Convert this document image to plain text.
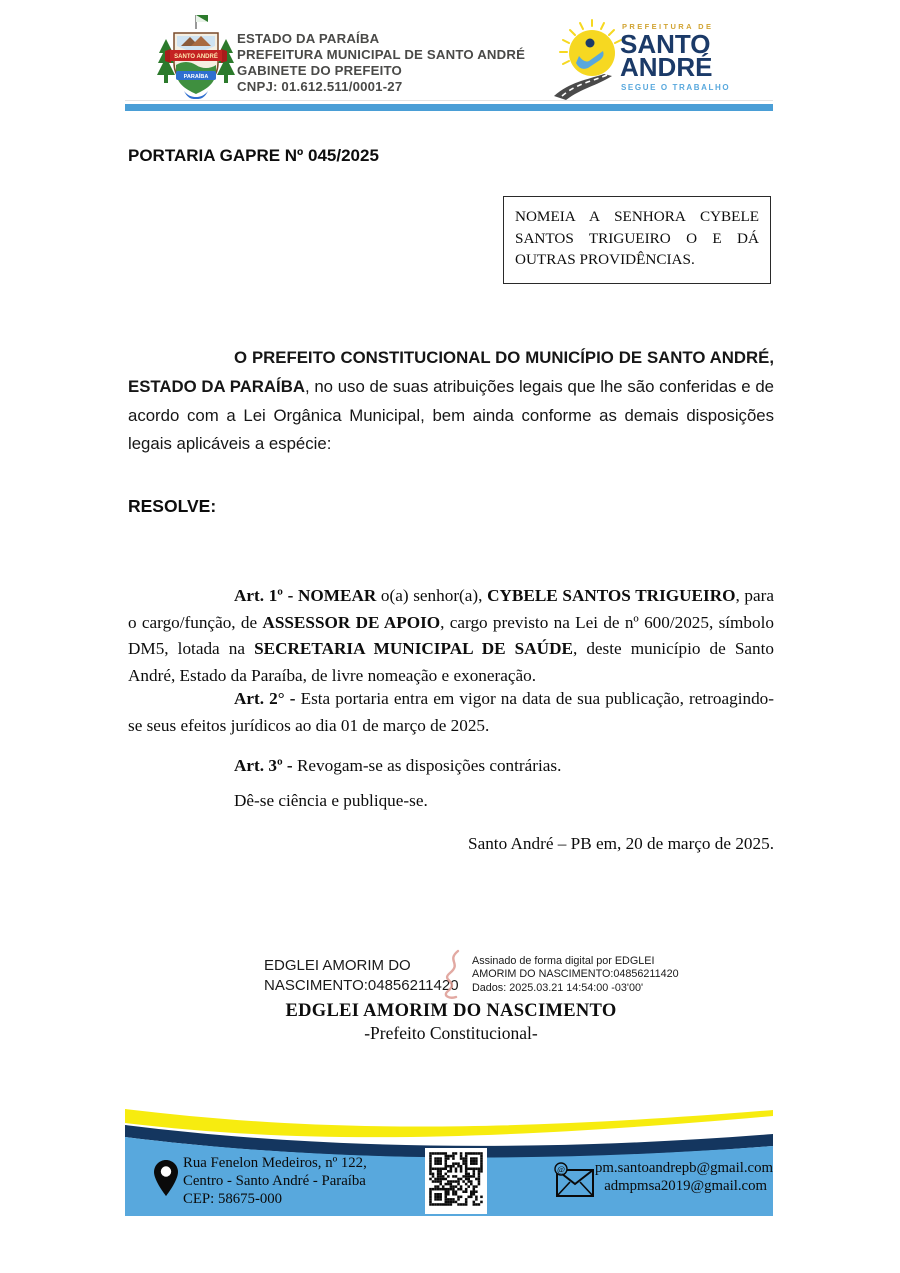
SANTO ANDRÉ
PARAÍBA
ESTADO DA PARAÍBA
PREFEITURA MUNICIPAL DE SANTO ANDRÉ
GABINETE DO PREFEITO
CNPJ: 01.612.511/0001-27
PREFEITURA DE
SANTO
ANDRÉ
SEGUE O TRABALHO
PORTARIA GAPRE Nº 045/2025
NOMEIA A SENHORA CYBELE SANTOS TRIGUEIRO O E DÁ OUTRAS PROVIDÊNCIAS.

O PREFEITO CONSTITUCIONAL DO MUNICÍPIO DE SANTO ANDRÉ, ESTADO DA PARAÍBA, no uso de suas atribuições legais que lhe são conferidas e de acordo com a Lei Orgânica Municipal, bem ainda conforme as demais disposições legais aplicáveis a espécie:

RESOLVE:

Art. 1º - NOMEAR o(a) senhor(a), CYBELE SANTOS TRIGUEIRO, para o cargo/função, de ASSESSOR DE APOIO, cargo previsto na Lei de nº 600/2025, símbolo DM5, lotada na SECRETARIA MUNICIPAL DE SAÚDE, deste município de Santo André, Estado da Paraíba, de livre nomeação e exoneração.

Art. 2° - Esta portaria entra em vigor na data de sua publicação, retroagindo-se seus efeitos jurídicos ao dia 01 de março de 2025.

Art. 3º - Revogam-se as disposições contrárias.

Dê-se ciência e publique-se.

Santo André – PB em, 20 de março de 2025.

EDGLEI AMORIM DO NASCIMENTO:04856211420
Assinado de forma digital por EDGLEI
AMORIM DO NASCIMENTO:04856211420
Dados: 2025.03.21 14:54:00 -03'00'
EDGLEI AMORIM DO NASCIMENTO
-Prefeito Constitucional-
Rua Fenelon Medeiros, nº 122,
Centro - Santo André - Paraíba
CEP: 58675-000
@ pm.santoandrepb@gmail.com
admpmsa2019@gmail.com
